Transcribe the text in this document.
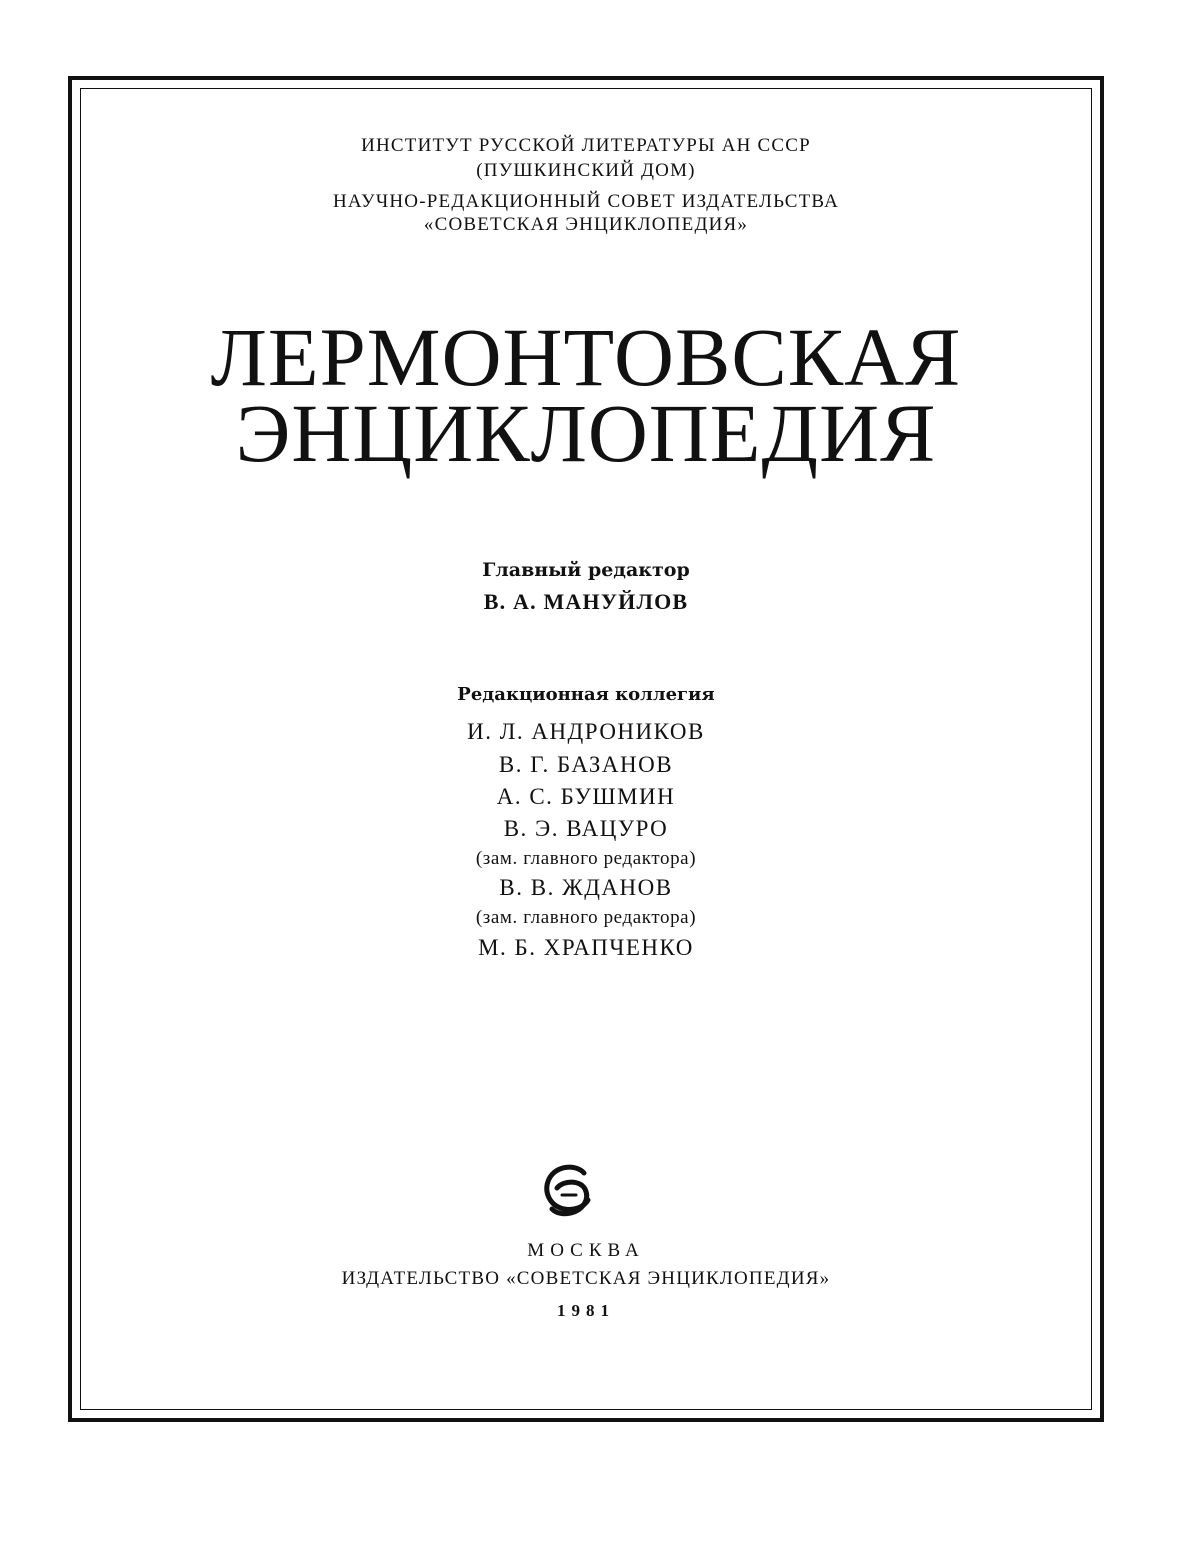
ИНСТИТУТ РУССКОЙ ЛИТЕРАТУРЫ АН СССР
(ПУШКИНСКИЙ ДОМ)
НАУЧНО-РЕДАКЦИОННЫЙ СОВЕТ ИЗДАТЕЛЬСТВА
«СОВЕТСКАЯ ЭНЦИКЛОПЕДИЯ»
ЛЕРМОНТОВСКАЯ
ЭНЦИКЛОПЕДИЯ
Главный редактор
В. А. МАНУЙЛОВ
Редакционная коллегия
И. Л. АНДРОНИКОВ
В. Г. БАЗАНОВ
А. С. БУШМИН
В. Э. ВАЦУРО
(зам. главного редактора)
В. В. ЖДАНОВ
(зам. главного редактора)
М. Б. ХРАПЧЕНКО
МОСКВА
ИЗДАТЕЛЬСТВО «СОВЕТСКАЯ ЭНЦИКЛОПЕДИЯ»
1981
